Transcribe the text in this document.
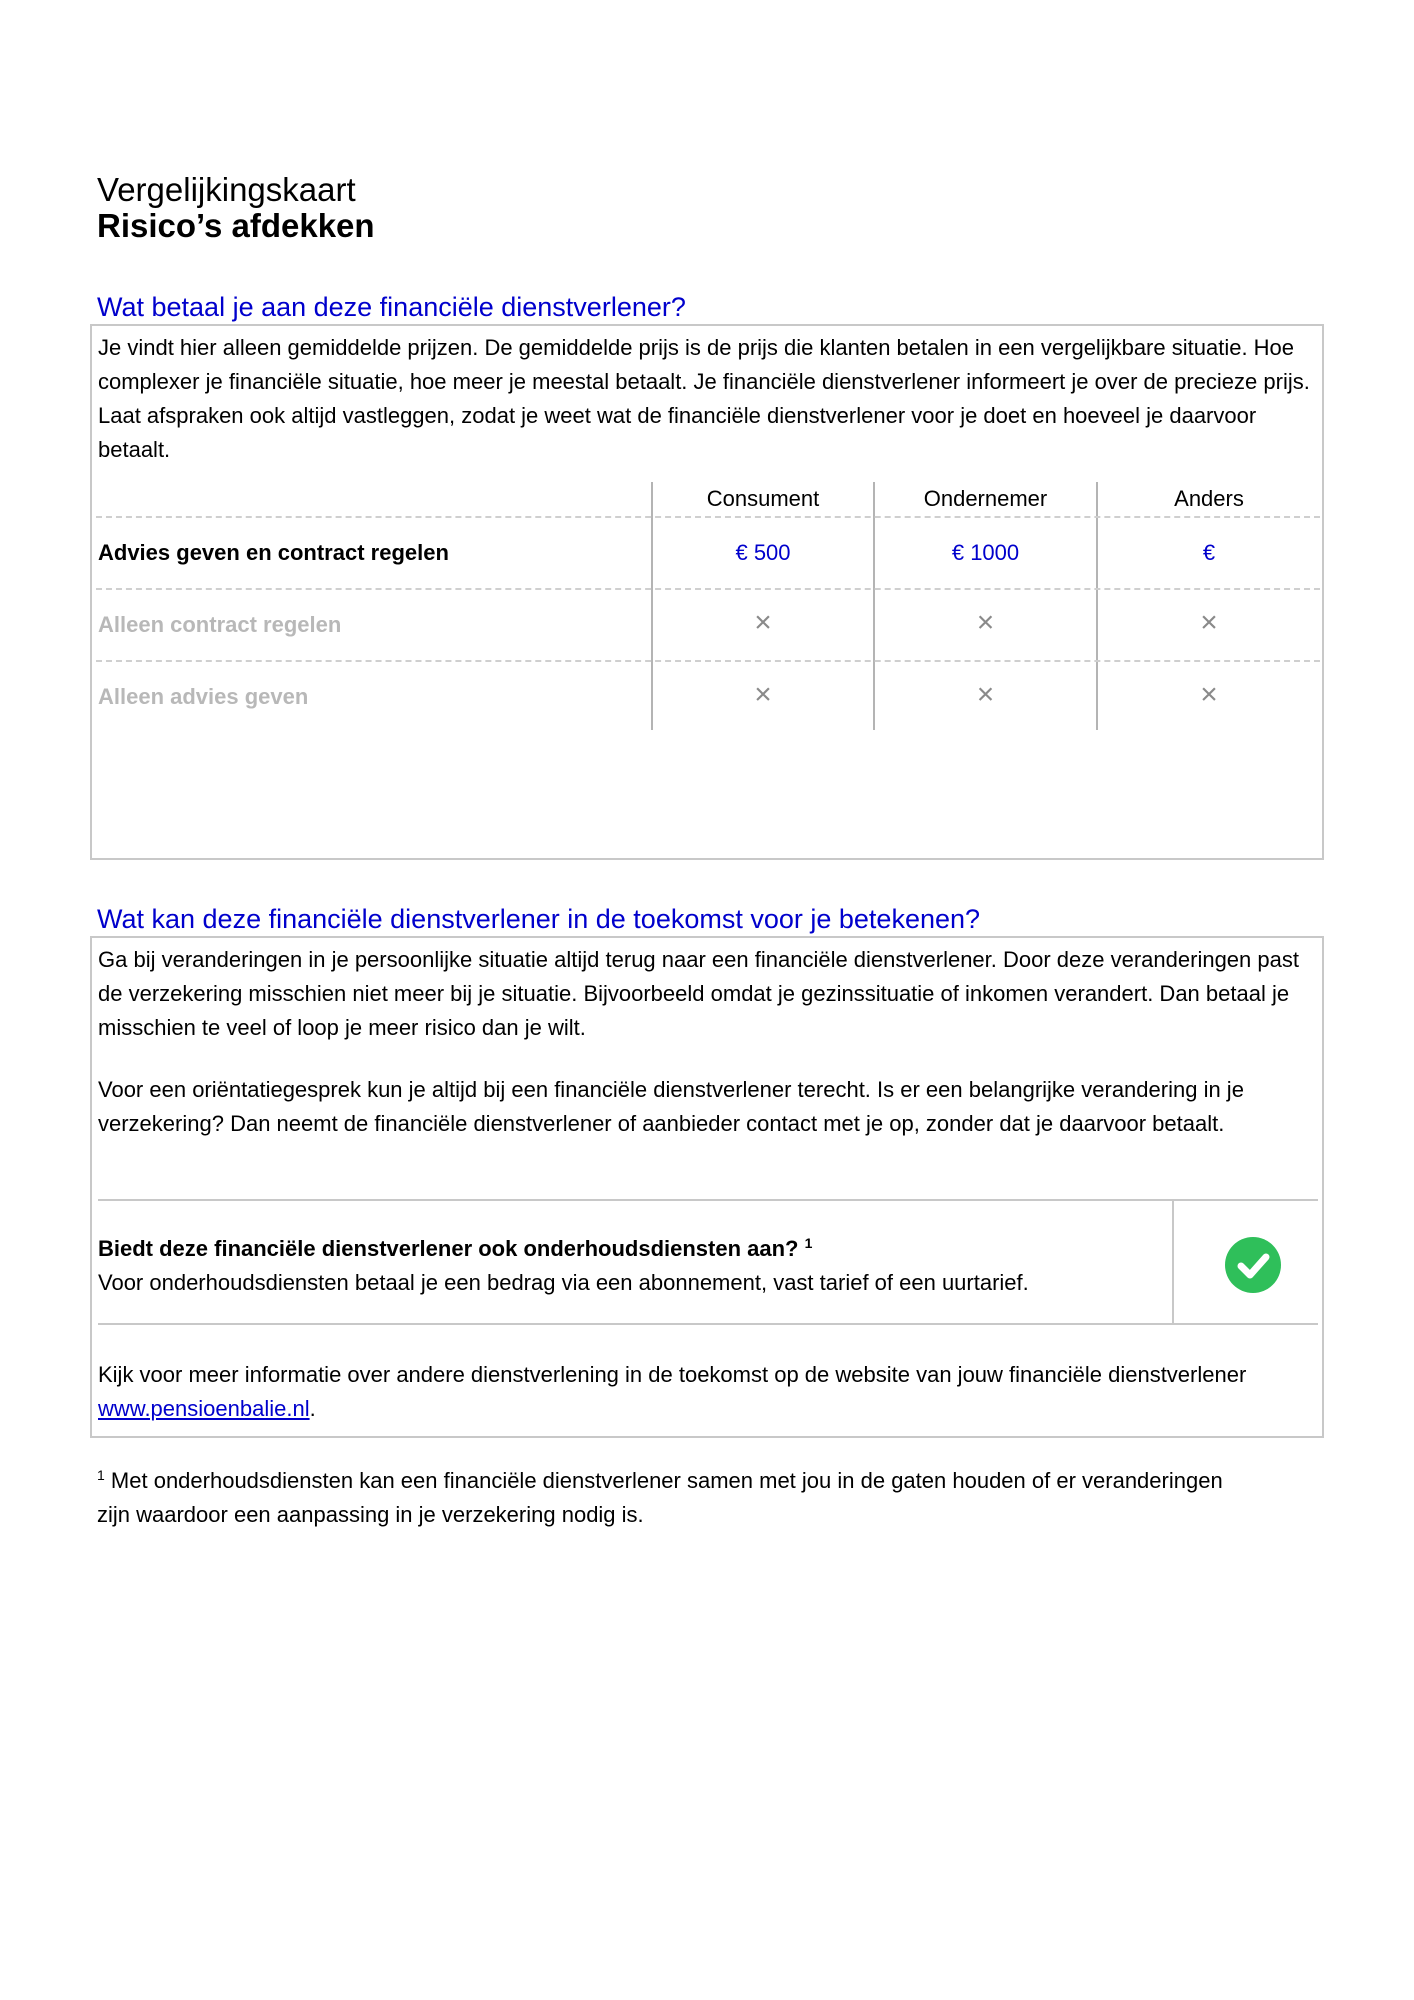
Vergelijkingskaart
Risico’s afdekken
Wat betaal je aan deze financiële dienstverlener?

Je vindt hier alleen gemiddelde prijzen. De gemiddelde prijs is de prijs die klanten betalen in een vergelijkbare situatie. Hoe complexer je financiële situatie, hoe meer je meestal betaalt. Je financiële dienstverlener informeert je over de precieze prijs. Laat afspraken ook altijd vastleggen, zodat je weet wat de financiële dienstverlener voor je doet en hoeveel je daarvoor betaalt.

Consument	Ondernemer	Anders
Advies geven en contract regelen	€ 500	€ 1000	€
Alleen contract regelen	×	×	×
Alleen advies geven	×	×	×
Wat kan deze financiële dienstverlener in de toekomst voor je betekenen?

Ga bij veranderingen in je persoonlijke situatie altijd terug naar een financiële dienstverlener. Door deze veranderingen past de verzekering misschien niet meer bij je situatie. Bijvoorbeeld omdat je gezinssituatie of inkomen verandert. Dan betaal je misschien te veel of loop je meer risico dan je wilt.

Voor een oriëntatiegesprek kun je altijd bij een financiële dienstverlener terecht. Is er een belangrijke verandering in je verzekering? Dan neemt de financiële dienstverlener of aanbieder contact met je op, zonder dat je daarvoor betaalt.

Biedt deze financiële dienstverlener ook onderhoudsdiensten aan? $^1$
Voor onderhoudsdiensten betaal je een bedrag via een abonnement, vast tarief of een uurtarief.

Kijk voor meer informatie over andere dienstverlening in de toekomst op de website van jouw financiële dienstverlener www.pensioenbalie.nl.

$^1$ Met onderhoudsdiensten kan een financiële dienstverlener samen met jou in de gaten houden of er veranderingen zijn waardoor een aanpassing in je verzekering nodig is.
